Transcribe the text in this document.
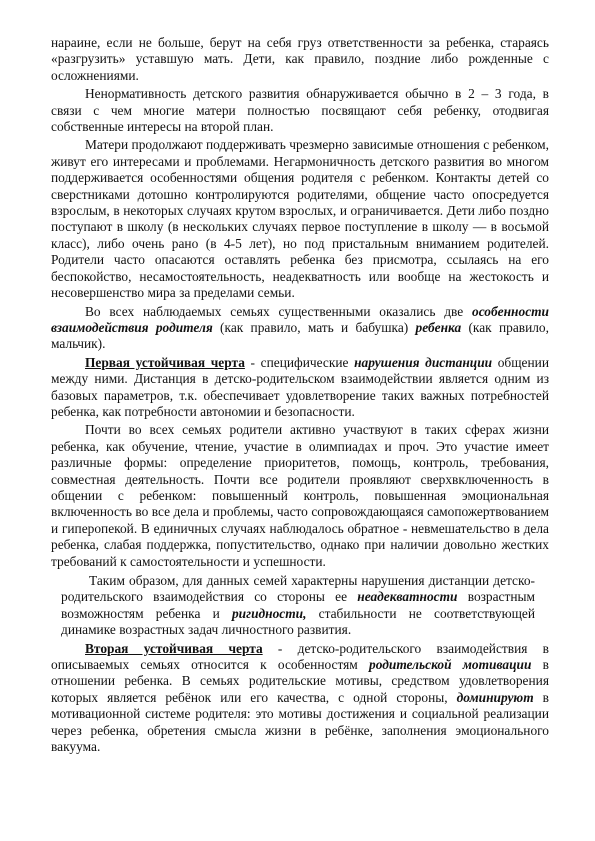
нараине, если не больше, берут на себя груз ответственности за ребенка, стараясь «разгрузить» уставшую мать. Дети, как правило, поздние либо рожденные с осложнениями.

Ненормативность детского развития обнаруживается обычно в 2 – 3 года, в связи с чем многие матери полностью посвящают себя ребенку, отодвигая собственные интересы на второй план.

Матери продолжают поддерживать чрезмерно зависимые отношения с ребенком, живут его интересами и проблемами. Негармоничность детского развития во многом поддерживается особенностями общения родителя с ребенком. Контакты детей со сверстниками дотошно контролируются родителями, общение часто опосредуется взрослым, в некоторых случаях крутом взрослых, и ограничивается. Дети либо поздно поступают в школу (в нескольких случаях первое поступление в школу — в восьмой класс), либо очень рано (в 4-5 лет), но под пристальным вниманием родителей. Родители часто опасаются оставлять ребенка без присмотра, ссылаясь на его беспокойство, несамостоятельность, неадекватность или вообще на жестокость и несовершенство мира за пределами семьи.

Во всех наблюдаемых семьях существенными оказались две особенности взаимодействия родителя (как правило, мать и бабушка) ребенка (как правило, мальчик).

Первая устойчивая черта - специфические нарушения дистанции общении между ними. Дистанция в детско-родительском взаимодействии является одним из базовых параметров, т.к. обеспечивает удовлетворение таких важных потребностей ребенка, как потребности автономии и безопасности.

Почти во всех семьях родители активно участвуют в таких сферах жизни ребенка, как обучение, чтение, участие в олимпиадах и проч. Это участие имеет различные формы: определение приоритетов, помощь, контроль, требования, совместная деятельность. Почти все родители проявляют сверхвключенность в общении с ребенком: повышенный контроль, повышенная эмоциональная включенность во все дела и проблемы, часто сопровождающаяся самопожертвованием и гиперопекой. В единичных случаях наблюдалось обратное - невмешательство в дела ребенка, слабая поддержка, попустительство, однако при наличии довольно жестких требований к самостоятельности и успешности.

Таким образом, для данных семей характерны нарушения дистанции детско-родительского взаимодействия со стороны ее неадекватности возрастным возможностям ребенка и ригидности, стабильности не соответствующей динамике возрастных задач личностного развития.

Вторая устойчивая черта - детско-родительского взаимодействия в описываемых семьях относится к особенностям родительской мотивации в отношении ребенка. В семьях родительские мотивы, средством удовлетворения которых является ребёнок или его качества, с одной стороны, доминируют в мотивационной системе родителя: это мотивы достижения и социальной реализации через ребенка, обретения смысла жизни в ребёнке, заполнения эмоционального вакуума.
